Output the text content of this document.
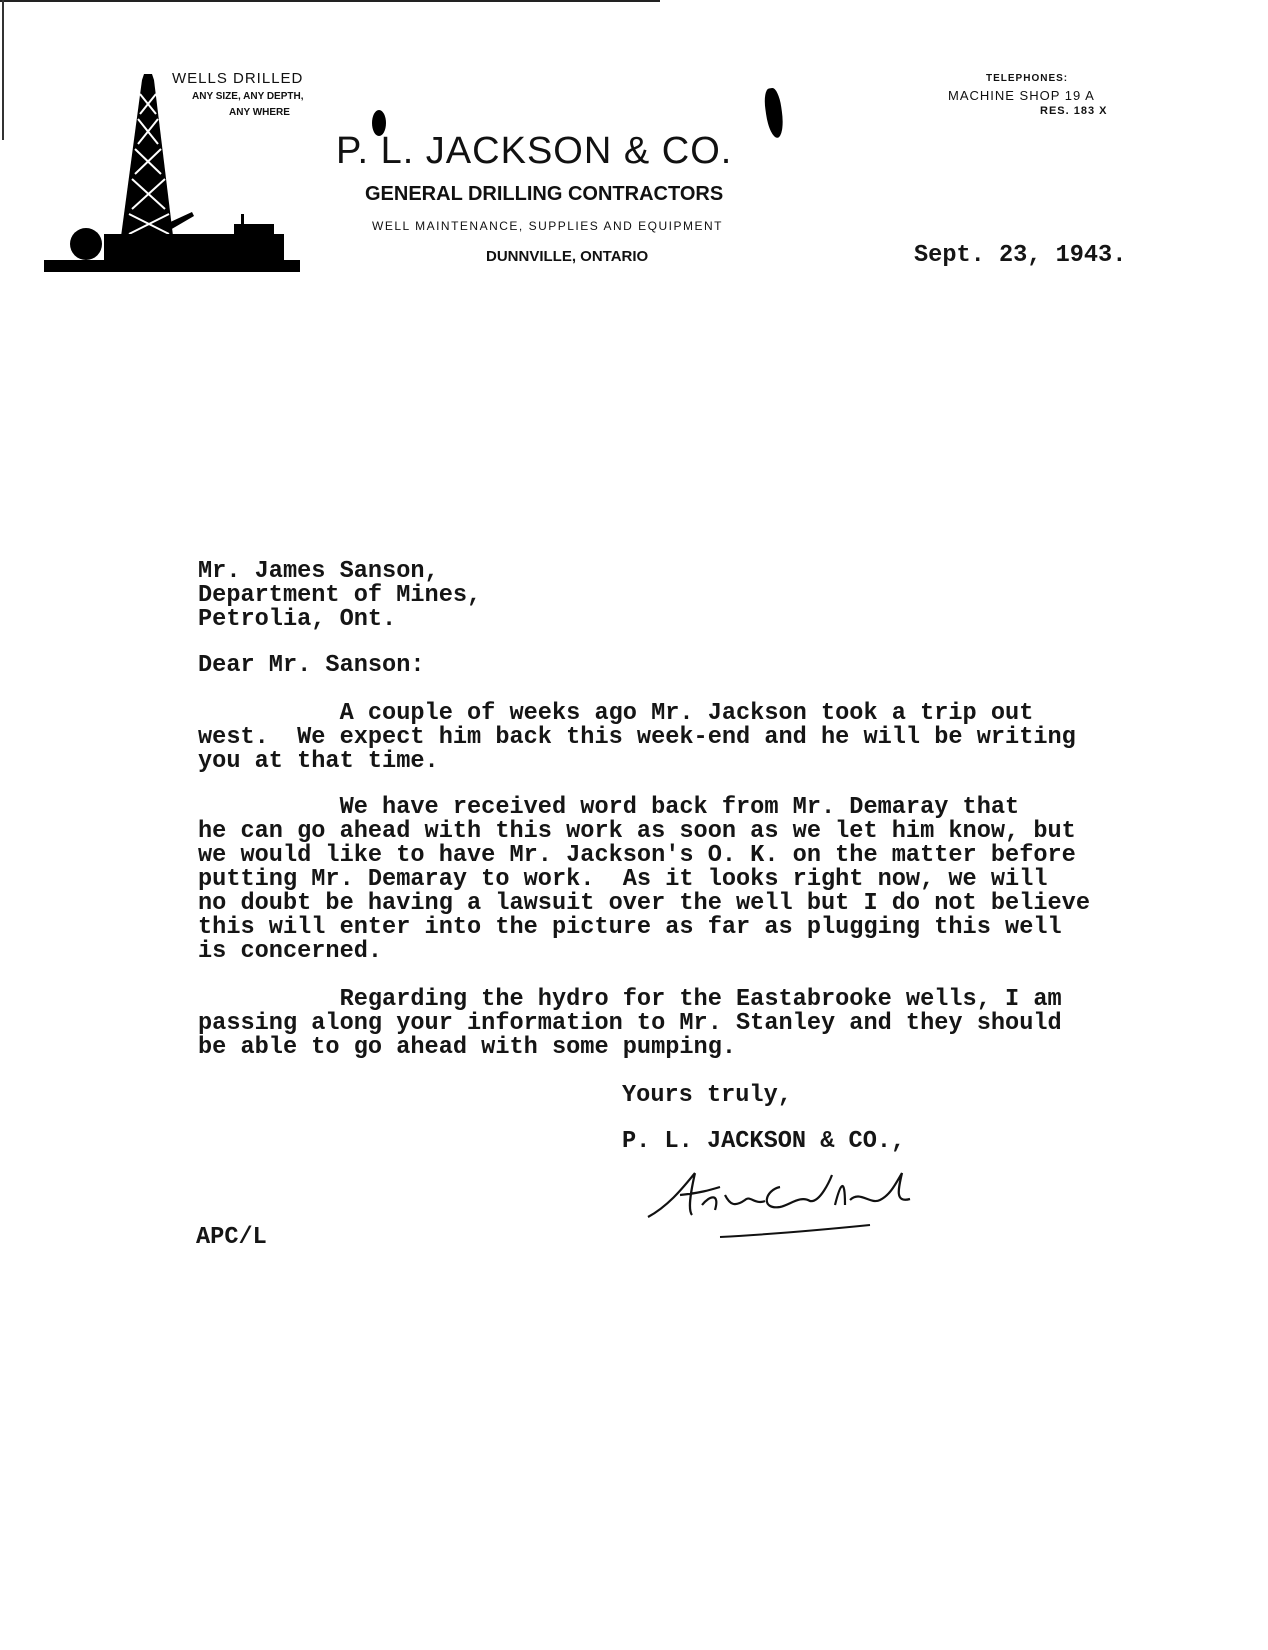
WELLS DRILLED
ANY SIZE, ANY DEPTH,
ANY WHERE
P. L. JACKSON & CO.
GENERAL DRILLING CONTRACTORS
WELL MAINTENANCE, SUPPLIES AND EQUIPMENT
DUNNVILLE, ONTARIO
TELEPHONES:
MACHINE SHOP 19 A
RES. 183 X
Sept. 23, 1943.
Mr. James Sanson,
Department of Mines,
Petrolia, Ont.
Dear Mr. Sanson:
A couple of weeks ago Mr. Jackson took a trip out
west.  We expect him back this week-end and he will be writing
you at that time.
We have received word back from Mr. Demaray that
he can go ahead with this work as soon as we let him know, but
we would like to have Mr. Jackson's O. K. on the matter before
putting Mr. Demaray to work.  As it looks right now, we will
no doubt be having a lawsuit over the well but I do not believe
this will enter into the picture as far as plugging this well
is concerned.
Regarding the hydro for the Eastabrooke wells, I am
passing along your information to Mr. Stanley and they should
be able to go ahead with some pumping.
Yours truly,
P. L. JACKSON & CO.,
APC/L
